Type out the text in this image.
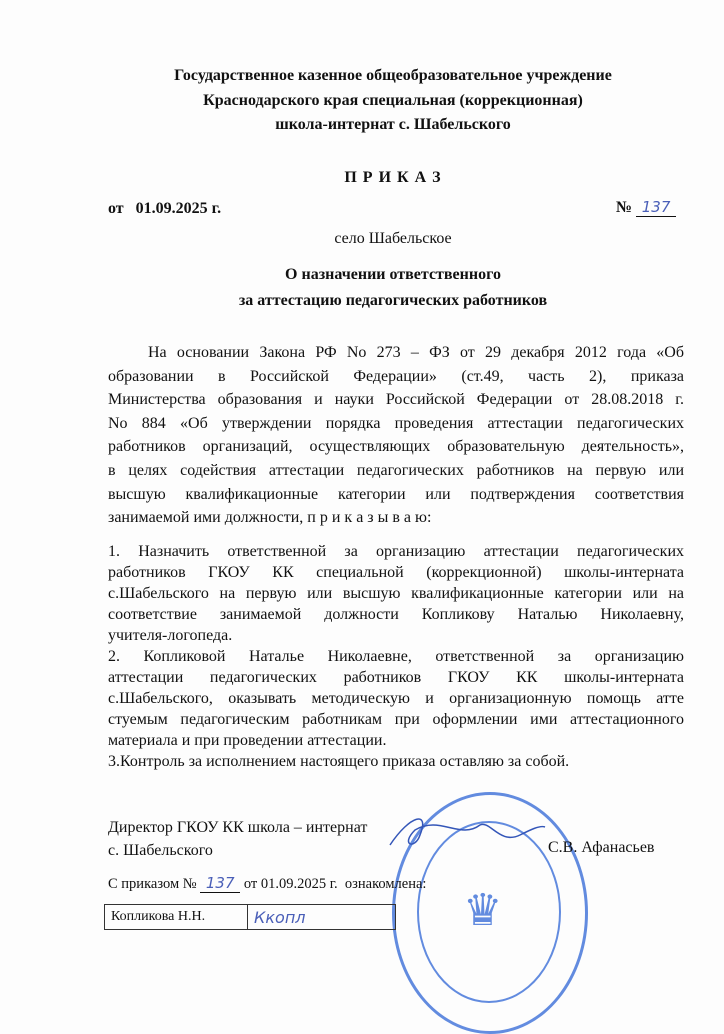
Государственное казенное общеобразовательное учреждение
Краснодарского края специальная (коррекционная)
школа-интернат с. Шабельского
П Р И К А З
от   01.09.2025 г.	№ 137
село Шабельское
О назначении ответственного
за аттестацию педагогических работников
На основании Закона РФ No 273 – ФЗ от 29 декабря 2012 года «Об
образовании в Российской Федерации» (ст.49, часть 2), приказа
Министерства образования и науки Российской Федерации от 28.08.2018 г.
No 884 «Об утверждении порядка проведения аттестации педагогических
работников организаций, осуществляющих образовательную деятельность»,
в целях содействия аттестации педагогических работников на первую или
высшую квалификационные категории или подтверждения соответствия
занимаемой ими должности, п р и к а з ы в а ю:
1. Назначить ответственной за организацию аттестации педагогических
работников ГКОУ КК специальной (коррекционной) школы-интерната
с.Шабельского на первую или высшую квалификационные категории или на
соответствие занимаемой должности Копликову Наталью Николаевну,
учителя-логопеда.
2. Копликовой Наталье Николаевне, ответственной за организацию
аттестации педагогических работников ГКОУ КК школы-интерната
с.Шабельского, оказывать методическую и организационную помощь атте
стуемым педагогическим работникам при оформлении ими аттестационного
материала и при проведении аттестации.
3.Контроль за исполнением настоящего приказа оставляю за собой.
♛
Директор ГКОУ КК школа – интернат
с. Шабельского	С.В. Афанасьев
С приказом № 137 от 01.09.2025 г.  ознакомлена:
Копликова Н.Н.	Ккопл
